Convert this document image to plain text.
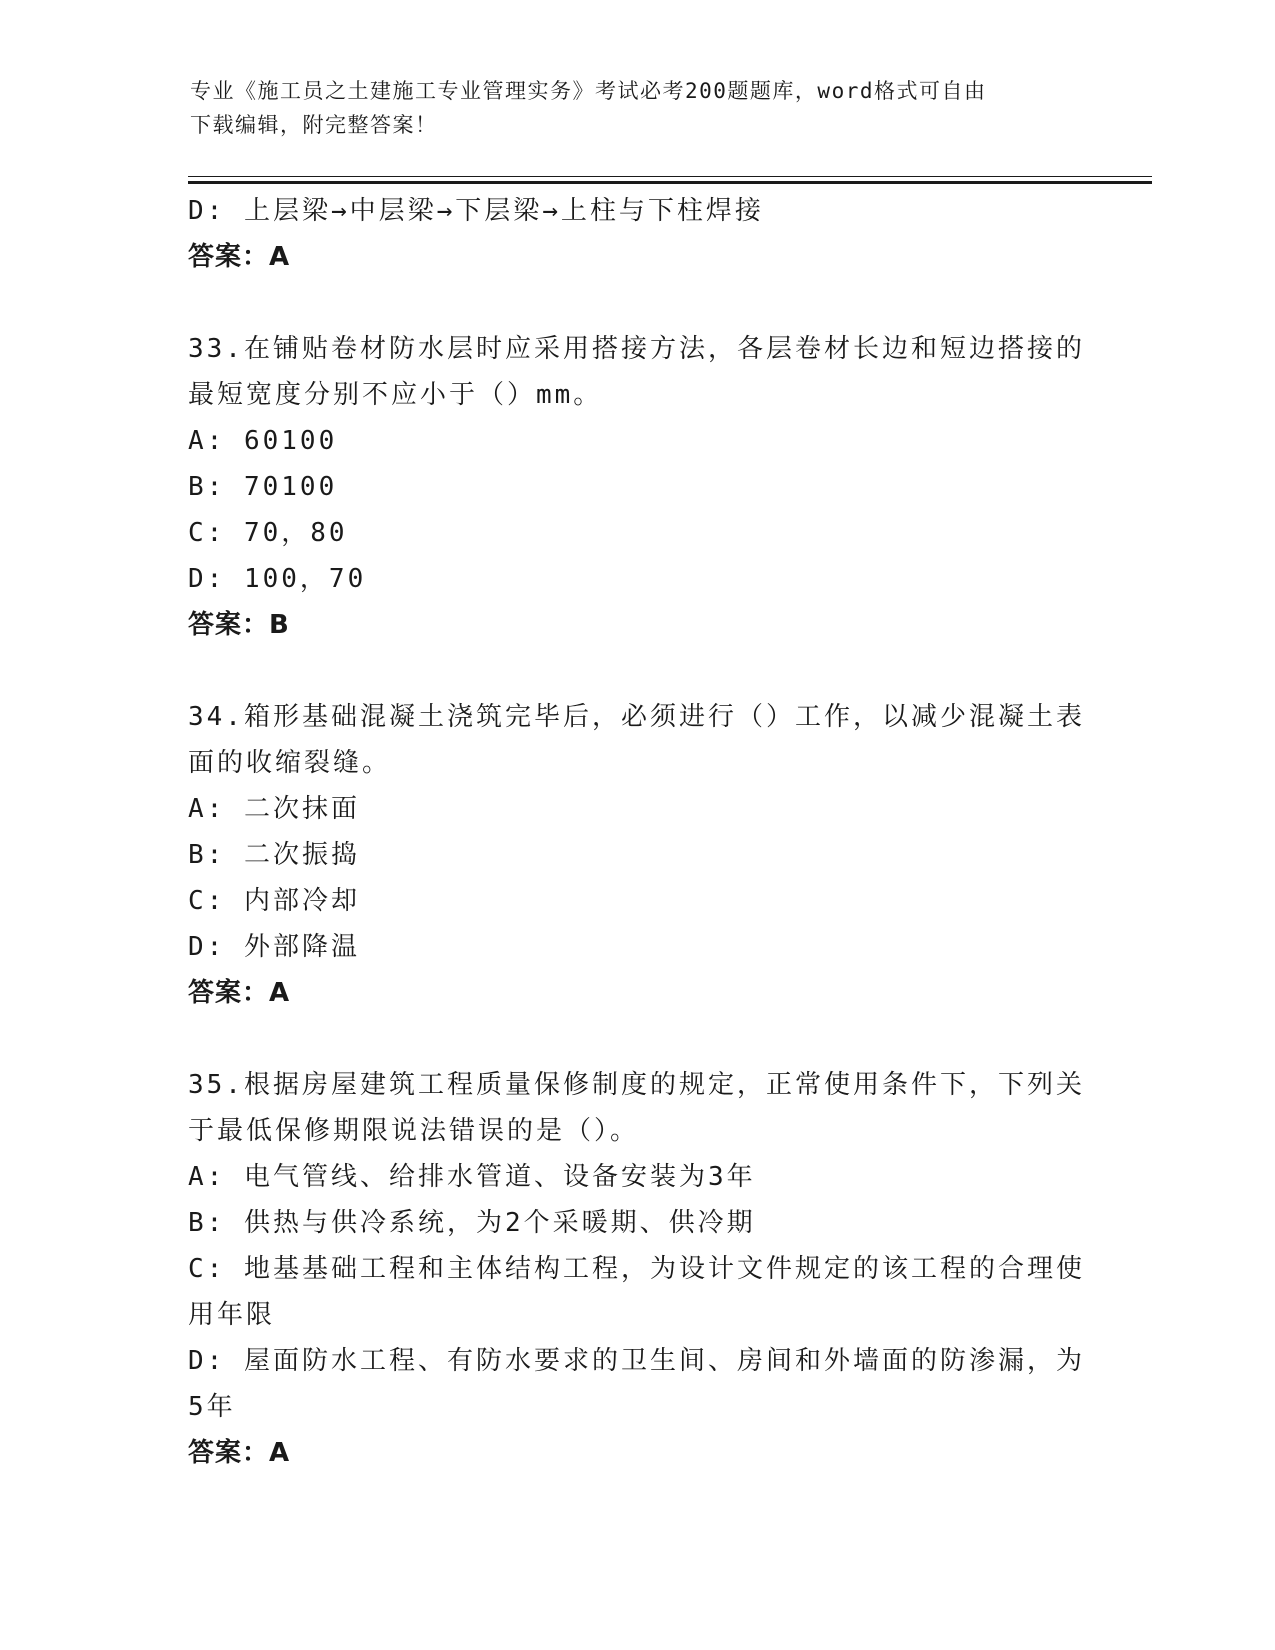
专业《施工员之土建施工专业管理实务》考试必考200题题库，word格式可自由
下载编辑，附完整答案！
D: 上层梁→中层梁→下层梁→上柱与下柱焊接
答案：A
33.在铺贴卷材防水层时应采用搭接方法，各层卷材长边和短边搭接的
最短宽度分别不应小于（）mm。
A: 60100
B: 70100
C: 70，80
D: 100，70
答案：B
34.箱形基础混凝土浇筑完毕后，必须进行（）工作，以减少混凝土表
面的收缩裂缝。
A: 二次抹面
B: 二次振捣
C: 内部冷却
D: 外部降温
答案：A
35.根据房屋建筑工程质量保修制度的规定，正常使用条件下，下列关
于最低保修期限说法错误的是（）。
A: 电气管线、给排水管道、设备安装为3年
B: 供热与供冷系统，为2个采暖期、供冷期
C: 地基基础工程和主体结构工程，为设计文件规定的该工程的合理使
用年限
D: 屋面防水工程、有防水要求的卫生间、房间和外墙面的防渗漏，为
5年
答案：A
